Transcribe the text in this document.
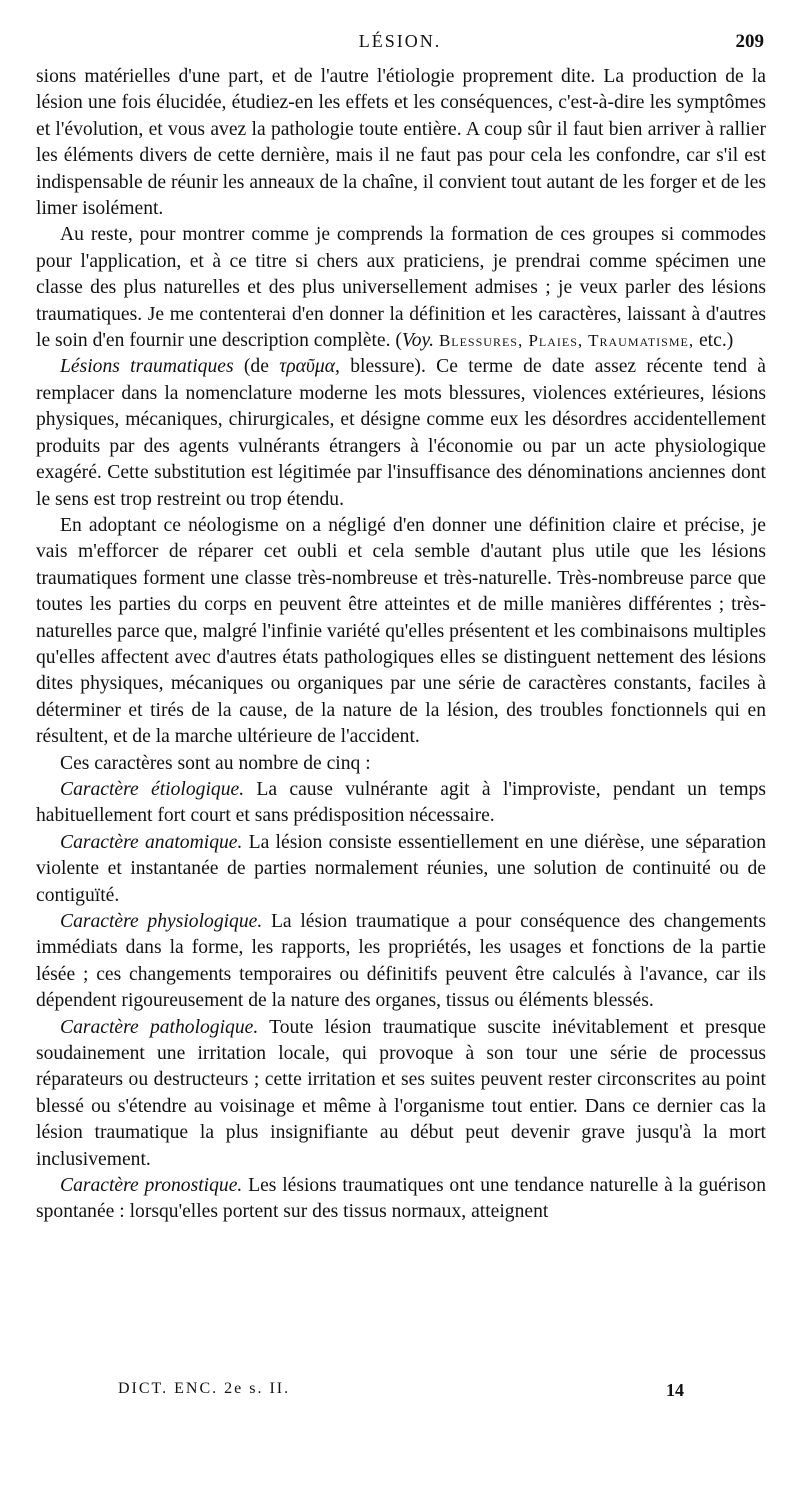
LÉSION.	209

sions matérielles d'une part, et de l'autre l'étiologie proprement dite. La production de la lésion une fois élucidée, étudiez-en les effets et les conséquences, c'est-à-dire les symptômes et l'évolution, et vous avez la pathologie toute entière. A coup sûr il faut bien arriver à rallier les éléments divers de cette dernière, mais il ne faut pas pour cela les confondre, car s'il est indispensable de réunir les anneaux de la chaîne, il convient tout autant de les forger et de les limer isolément.

Au reste, pour montrer comme je comprends la formation de ces groupes si commodes pour l'application, et à ce titre si chers aux praticiens, je prendrai comme spécimen une classe des plus naturelles et des plus universellement admises ; je veux parler des lésions traumatiques. Je me contenterai d'en donner la définition et les caractères, laissant à d'autres le soin d'en fournir une description complète. (Voy. Blessures, Plaies, Traumatisme, etc.)

Lésions traumatiques (de τραῦμα, blessure). Ce terme de date assez récente tend à remplacer dans la nomenclature moderne les mots blessures, violences extérieures, lésions physiques, mécaniques, chirurgicales, et désigne comme eux les désordres accidentellement produits par des agents vulnérants étrangers à l'économie ou par un acte physiologique exagéré. Cette substitution est légitimée par l'insuffisance des dénominations anciennes dont le sens est trop restreint ou trop étendu.

En adoptant ce néologisme on a négligé d'en donner une définition claire et précise, je vais m'efforcer de réparer cet oubli et cela semble d'autant plus utile que les lésions traumatiques forment une classe très-nombreuse et très-naturelle. Très-nombreuse parce que toutes les parties du corps en peuvent être atteintes et de mille manières différentes ; très-naturelles parce que, malgré l'infinie variété qu'elles présentent et les combinaisons multiples qu'elles affectent avec d'autres états pathologiques elles se distinguent nettement des lésions dites physiques, mécaniques ou organiques par une série de caractères constants, faciles à déterminer et tirés de la cause, de la nature de la lésion, des troubles fonctionnels qui en résultent, et de la marche ultérieure de l'accident.

Ces caractères sont au nombre de cinq :

Caractère étiologique. La cause vulnérante agit à l'improviste, pendant un temps habituellement fort court et sans prédisposition nécessaire.

Caractère anatomique. La lésion consiste essentiellement en une diérèse, une séparation violente et instantanée de parties normalement réunies, une solution de continuité ou de contiguïté.

Caractère physiologique. La lésion traumatique a pour conséquence des changements immédiats dans la forme, les rapports, les propriétés, les usages et fonctions de la partie lésée ; ces changements temporaires ou définitifs peuvent être calculés à l'avance, car ils dépendent rigoureusement de la nature des organes, tissus ou éléments blessés.

Caractère pathologique. Toute lésion traumatique suscite inévitablement et presque soudainement une irritation locale, qui provoque à son tour une série de processus réparateurs ou destructeurs ; cette irritation et ses suites peuvent rester circonscrites au point blessé ou s'étendre au voisinage et même à l'organisme tout entier. Dans ce dernier cas la lésion traumatique la plus insignifiante au début peut devenir grave jusqu'à la mort inclusivement.

Caractère pronostique. Les lésions traumatiques ont une tendance naturelle à la guérison spontanée : lorsqu'elles portent sur des tissus normaux, atteignent

DICT. ENC. 2e s. II.	14
